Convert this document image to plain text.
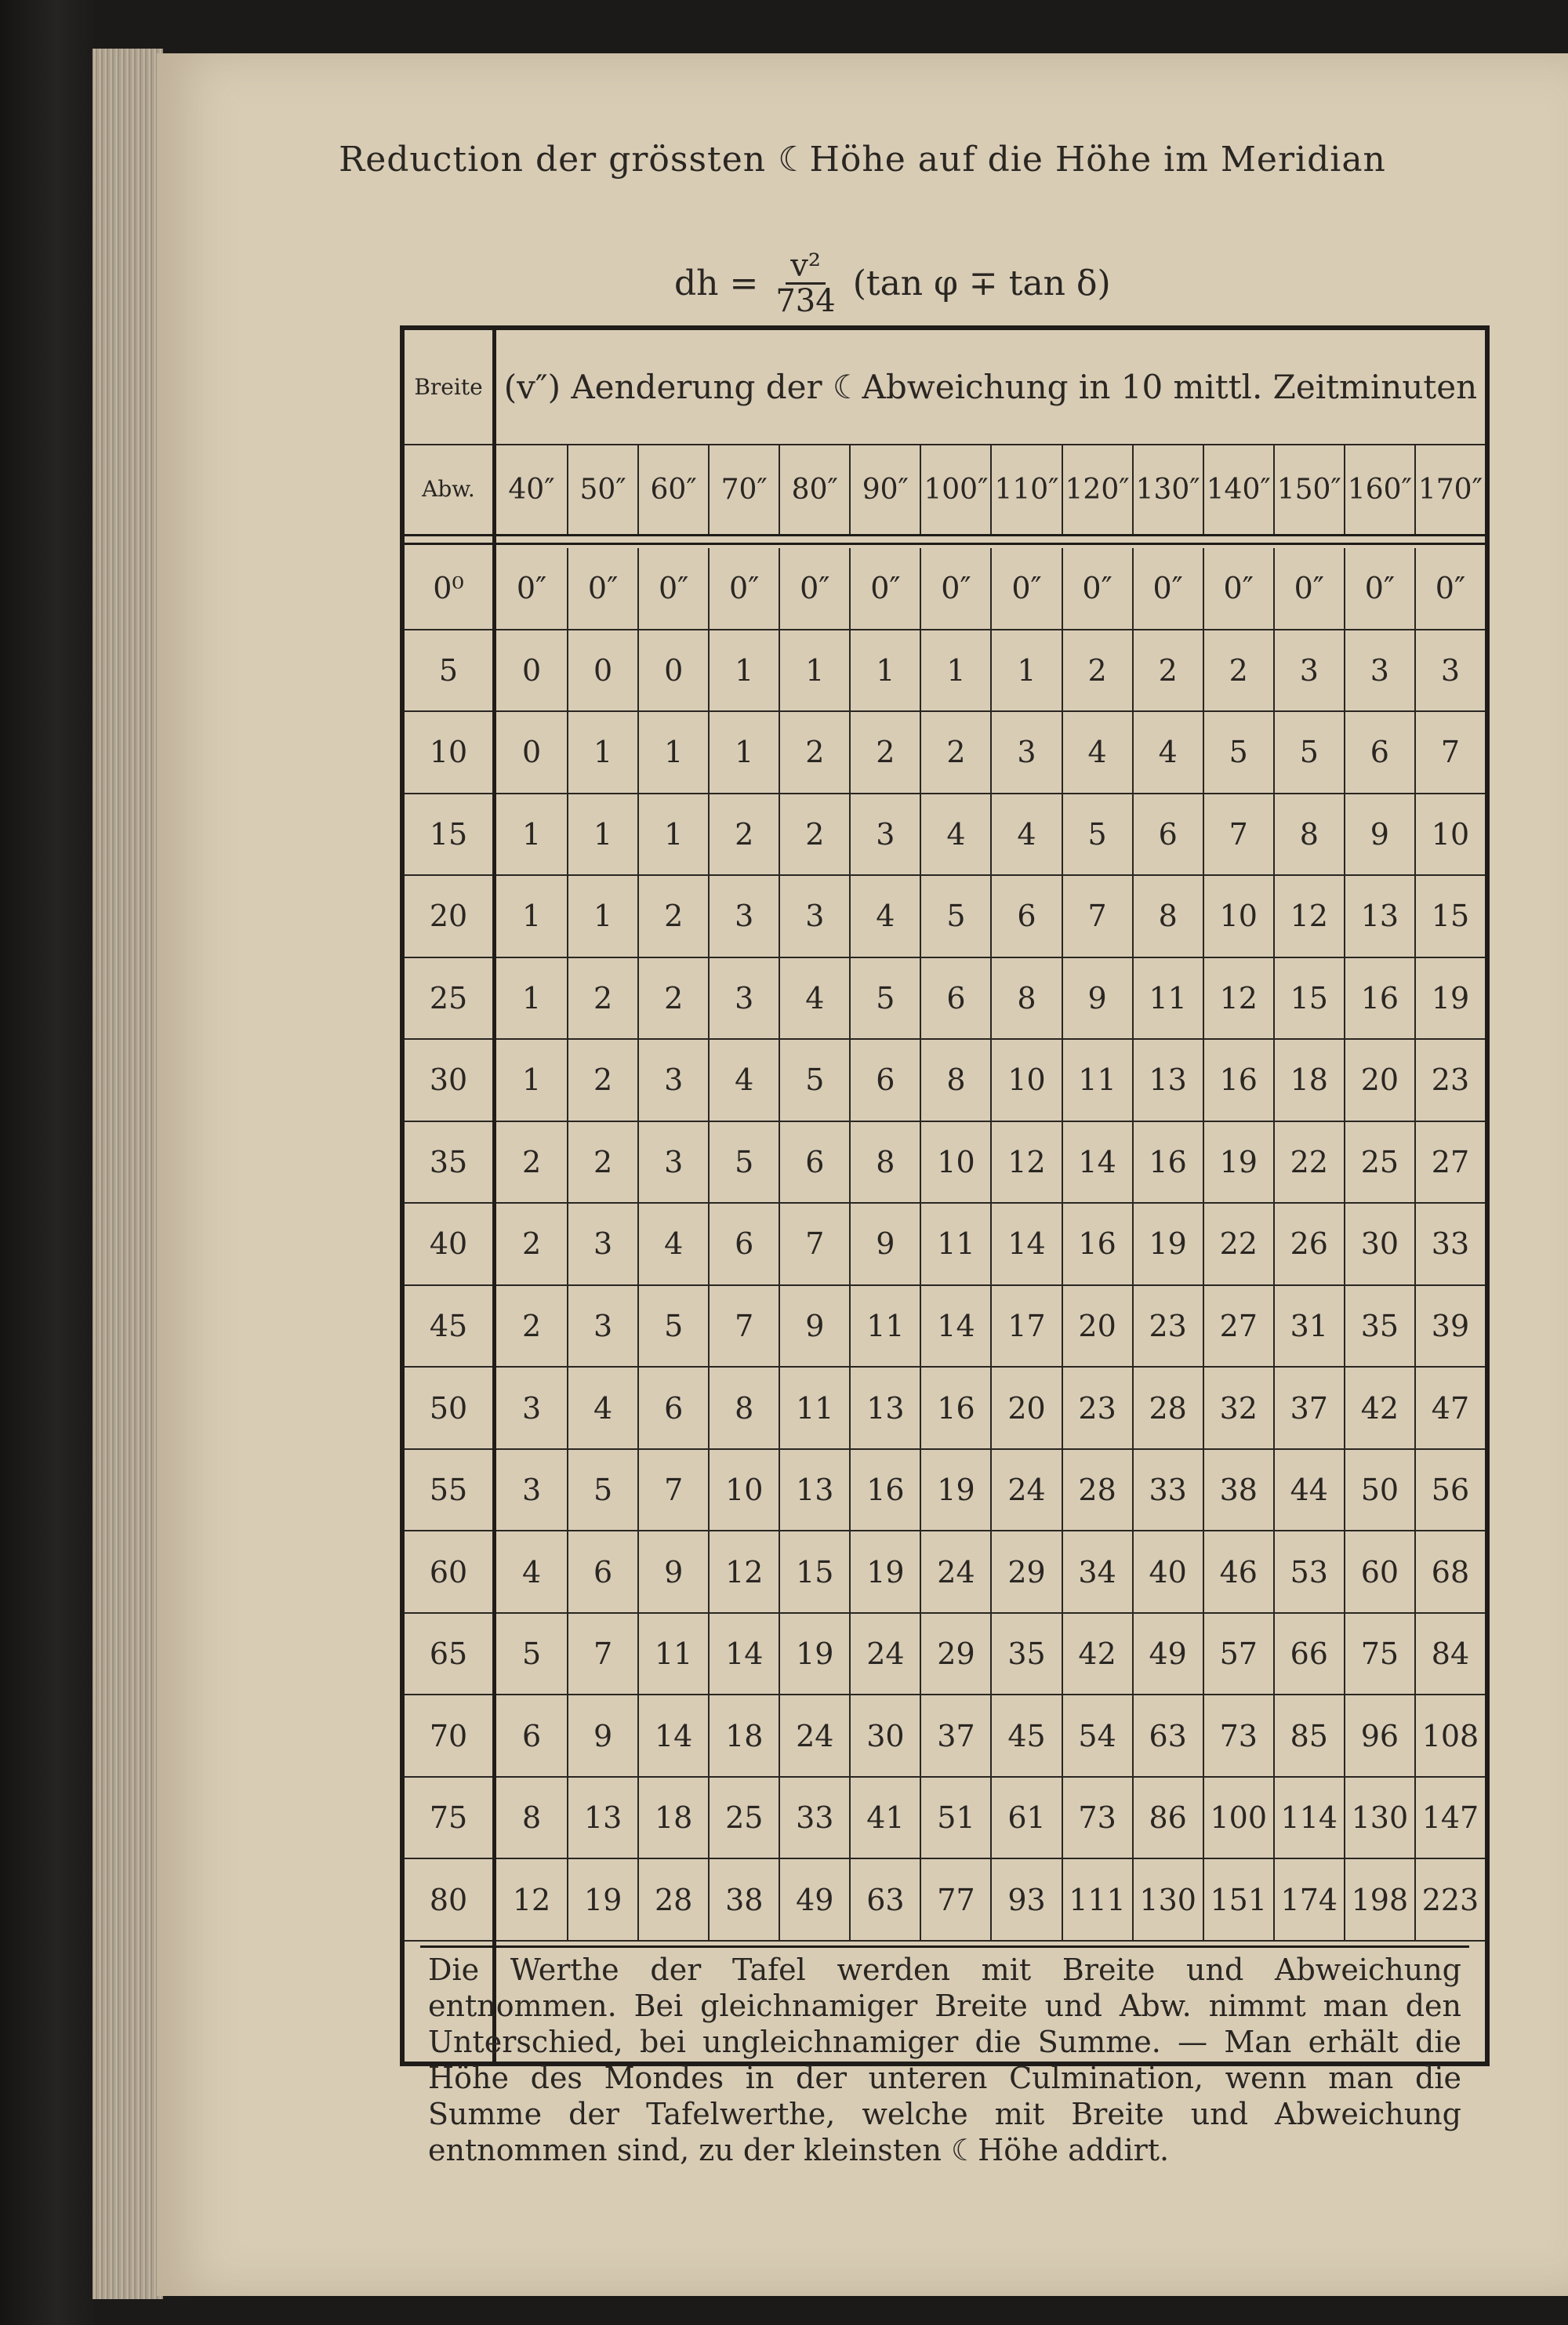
Reduction der grössten ☾Höhe auf die Höhe im Meridian
dh = $\frac{\text{v²}}{734} (\tan$ φ ∓ tan δ)
Breite
Abw.
(v″) Aenderung der ☾Abweichung in 10 mittl. Zeitminuten
40″ 50″ 60″ 70″ 80″ 90″ 100″ 110″ 120″ 130″ 140″ 150″ 160″ 170″
0⁰	0″	0″	0″	0″	0″	0″	0″	0″	0″	0″	0″	0″	0″	0″
5	0	0	0	1	1	1	1	1	2	2	2	3	3	3
10	0	1	1	1	2	2	2	3	4	4	5	5	6	7
15	1	1	1	2	2	3	4	4	5	6	7	8	9	10
20	1	1	2	3	3	4	5	6	7	8	10	12	13	15
25	1	2	2	3	4	5	6	8	9	11	12	15	16	19
30	1	2	3	4	5	6	8	10	11	13	16	18	20	23
35	2	2	3	5	6	8	10	12	14	16	19	22	25	27
40	2	3	4	6	7	9	11	14	16	19	22	26	30	33
45	2	3	5	7	9	11	14	17	20	23	27	31	35	39
50	3	4	6	8	11	13	16	20	23	28	32	37	42	47
55	3	5	7	10	13	16	19	24	28	33	38	44	50	56
60	4	6	9	12	15	19	24	29	34	40	46	53	60	68
65	5	7	11	14	19	24	29	35	42	49	57	66	75	84
70	6	9	14	18	24	30	37	45	54	63	73	85	96 108
75	8	13	18	25	33	41	51	61	73	86 100 114 130 147
80	12	19	28	38	49	63	77	93 111 130 151 174 198 223
Die Werthe der Tafel werden mit Breite und Abweichung entnommen. Bei gleichnamiger Breite und Abw. nimmt man den Unterschied, bei ungleichnamiger die Summe. — Man erhält die Höhe des Mondes in der unteren Culmination, wenn man die Summe der Tafelwerthe, welche mit Breite und Abweichung entnommen sind, zu der kleinsten ☾Höhe addirt.
